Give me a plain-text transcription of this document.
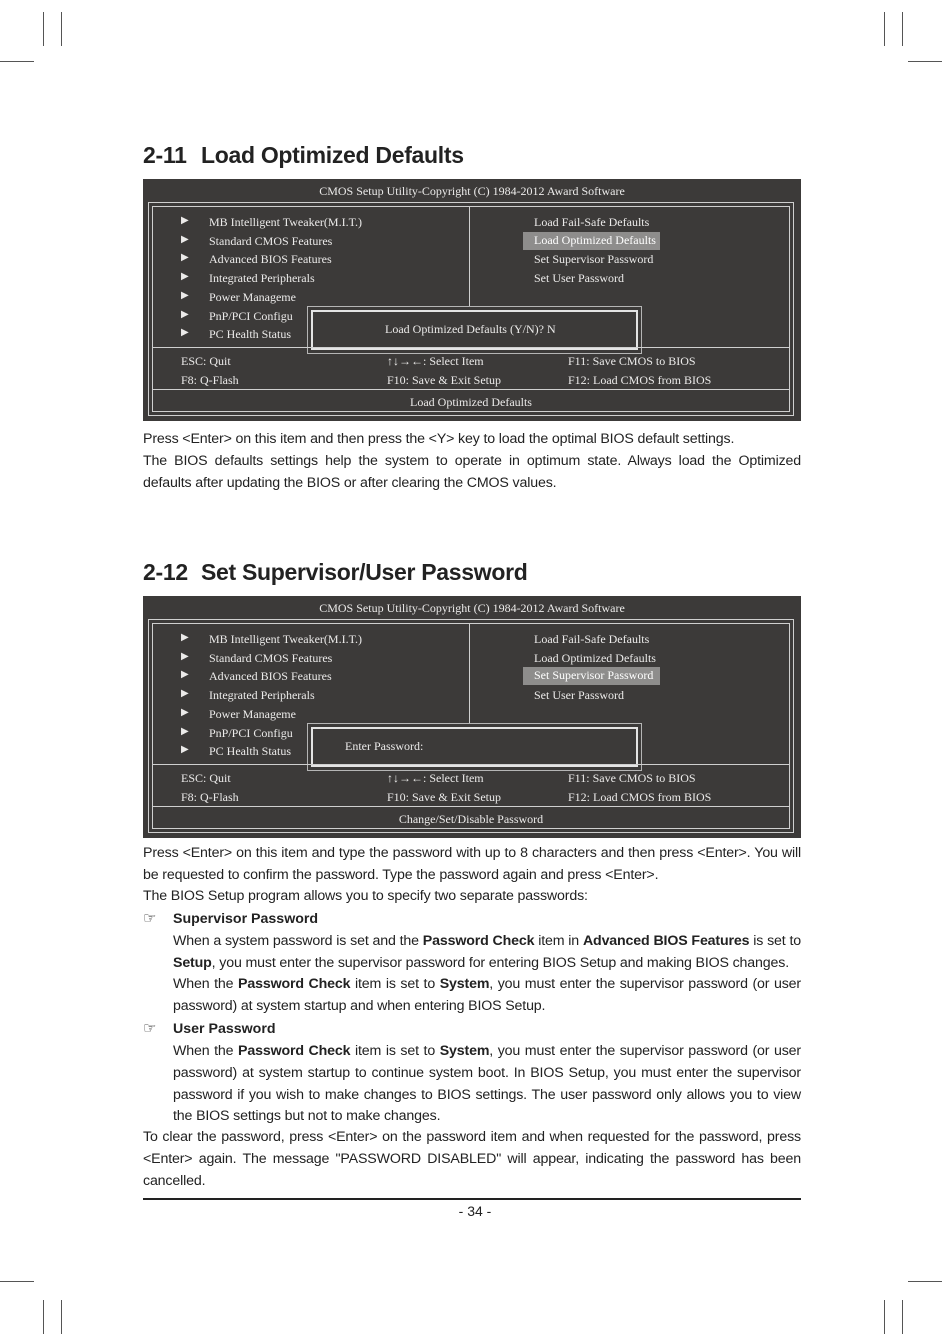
2-11 Load Optimized Defaults
CMOS Setup Utility-Copyright (C) 1984-2012 Award Software
▶ MB Intelligent Tweaker(M.I.T.)
▶ Standard CMOS Features
▶ Advanced BIOS Features
▶ Integrated Peripherals
▶ Power Manageme
▶ PnP/PCI Configu
▶ PC Health Status
Load Fail-Safe Defaults
Load Optimized Defaults
Set Supervisor Password
Set User Password
Load Optimized Defaults (Y/N)? N
ESC: Quit	↑↓→←: Select Item	F11: Save CMOS to BIOS
F8: Q-Flash	F10: Save & Exit Setup	F12: Load CMOS from BIOS
Load Optimized Defaults

Press <Enter> on this item and then press the <Y> key to load the optimal BIOS default settings.

The BIOS defaults settings help the system to operate in optimum state. Always load the Optimized defaults after updating the BIOS or after clearing the CMOS values.

2-12 Set Supervisor/User Password
CMOS Setup Utility-Copyright (C) 1984-2012 Award Software
▶ MB Intelligent Tweaker(M.I.T.)
▶ Standard CMOS Features
▶ Advanced BIOS Features
▶ Integrated Peripherals
▶ Power Manageme
▶ PnP/PCI Configu
▶ PC Health Status
Load Fail-Safe Defaults
Load Optimized Defaults
Set Supervisor Password
Set User Password
Enter Password:
ESC: Quit	↑↓→←: Select Item	F11: Save CMOS to BIOS
F8: Q-Flash	F10: Save & Exit Setup	F12: Load CMOS from BIOS
Change/Set/Disable Password

Press <Enter> on this item and type the password with up to 8 characters and then press <Enter>. You will be requested to confirm the password. Type the password again and press <Enter>.

The BIOS Setup program allows you to specify two separate passwords:

☞ Supervisor Password

When a system password is set and the Password Check item in Advanced BIOS Features is set to Setup, you must enter the supervisor password for entering BIOS Setup and making BIOS changes.

When the Password Check item is set to System, you must enter the supervisor password (or user password) at system startup and when entering BIOS Setup.

☞ User Password

When the Password Check item is set to System, you must enter the supervisor password (or user password) at system startup to continue system boot. In BIOS Setup, you must enter the supervisor password if you wish to make changes to BIOS settings. The user password only allows you to view the BIOS settings but not to make changes.

To clear the password, press <Enter> on the password item and when requested for the password, press <Enter> again. The message "PASSWORD DISABLED" will appear, indicating the password has been cancelled.

- 34 -
